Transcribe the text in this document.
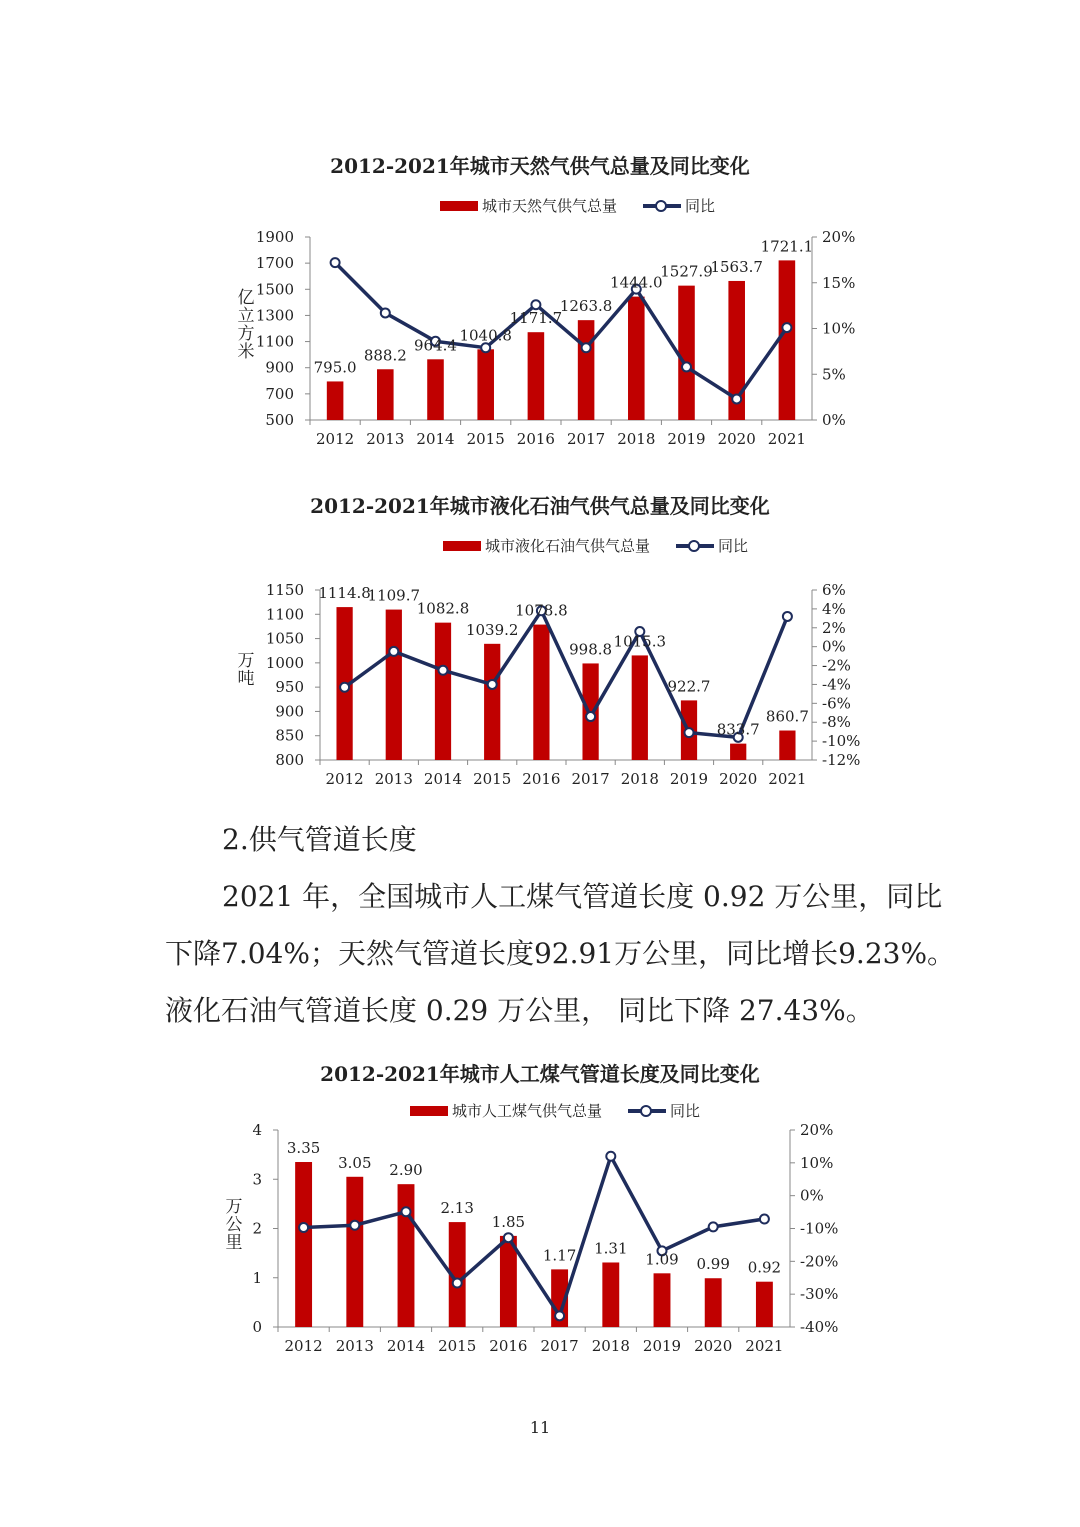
2012-2021年城市天然气供气总量及同比变化
城市天然气供气总量	同比
1900
1700
1500
1300
1100
900
700
500
20%
15%
10%
5%
0%
亿
立
方
米
2012 2013 2014 2015 2016 2017 2018 2019 2020 2021
795.0
888.2
964.4
1040.8
1171.7
1263.8
1444.0
1527.9
1563.7
1721.1
2012-2021年城市液化石油气供气总量及同比变化
城市液化石油气供气总量	同比
1150
1100
1050
1000
950
900
850
800
6%
4%
2%
0%
-2%
-4%
-6%
-8%
-10%
-12%
万
吨
2012 2013 2014 2015 2016 2017 2018 2019 2020 2021
1114.8
1109.7
1082.8
1039.2
1078.8
998.8 1015.3
922.7
833.7
860.7
2.供气管道长度
2021 年，全国城市人工煤气管道长度 0.92 万公里，同比
下降7.04%；天然气管道长度92.91万公里，同比增长9.23%。
液化石油气管道长度 0.29 万公里， 同比下降 27.43%。
2012-2021年城市人工煤气管道长度及同比变化
城市人工煤气供气总量	同比
4
3
2
1
0
20%
10%
0%
-10%
-20%
-30%
-40%
万
公
里
2012 2013 2014 2015 2016 2017 2018 2019 2020 2021
3.35
3.05 2.90
2.13
1.85
1.17 1.31
1.09 0.99 0.92
11
